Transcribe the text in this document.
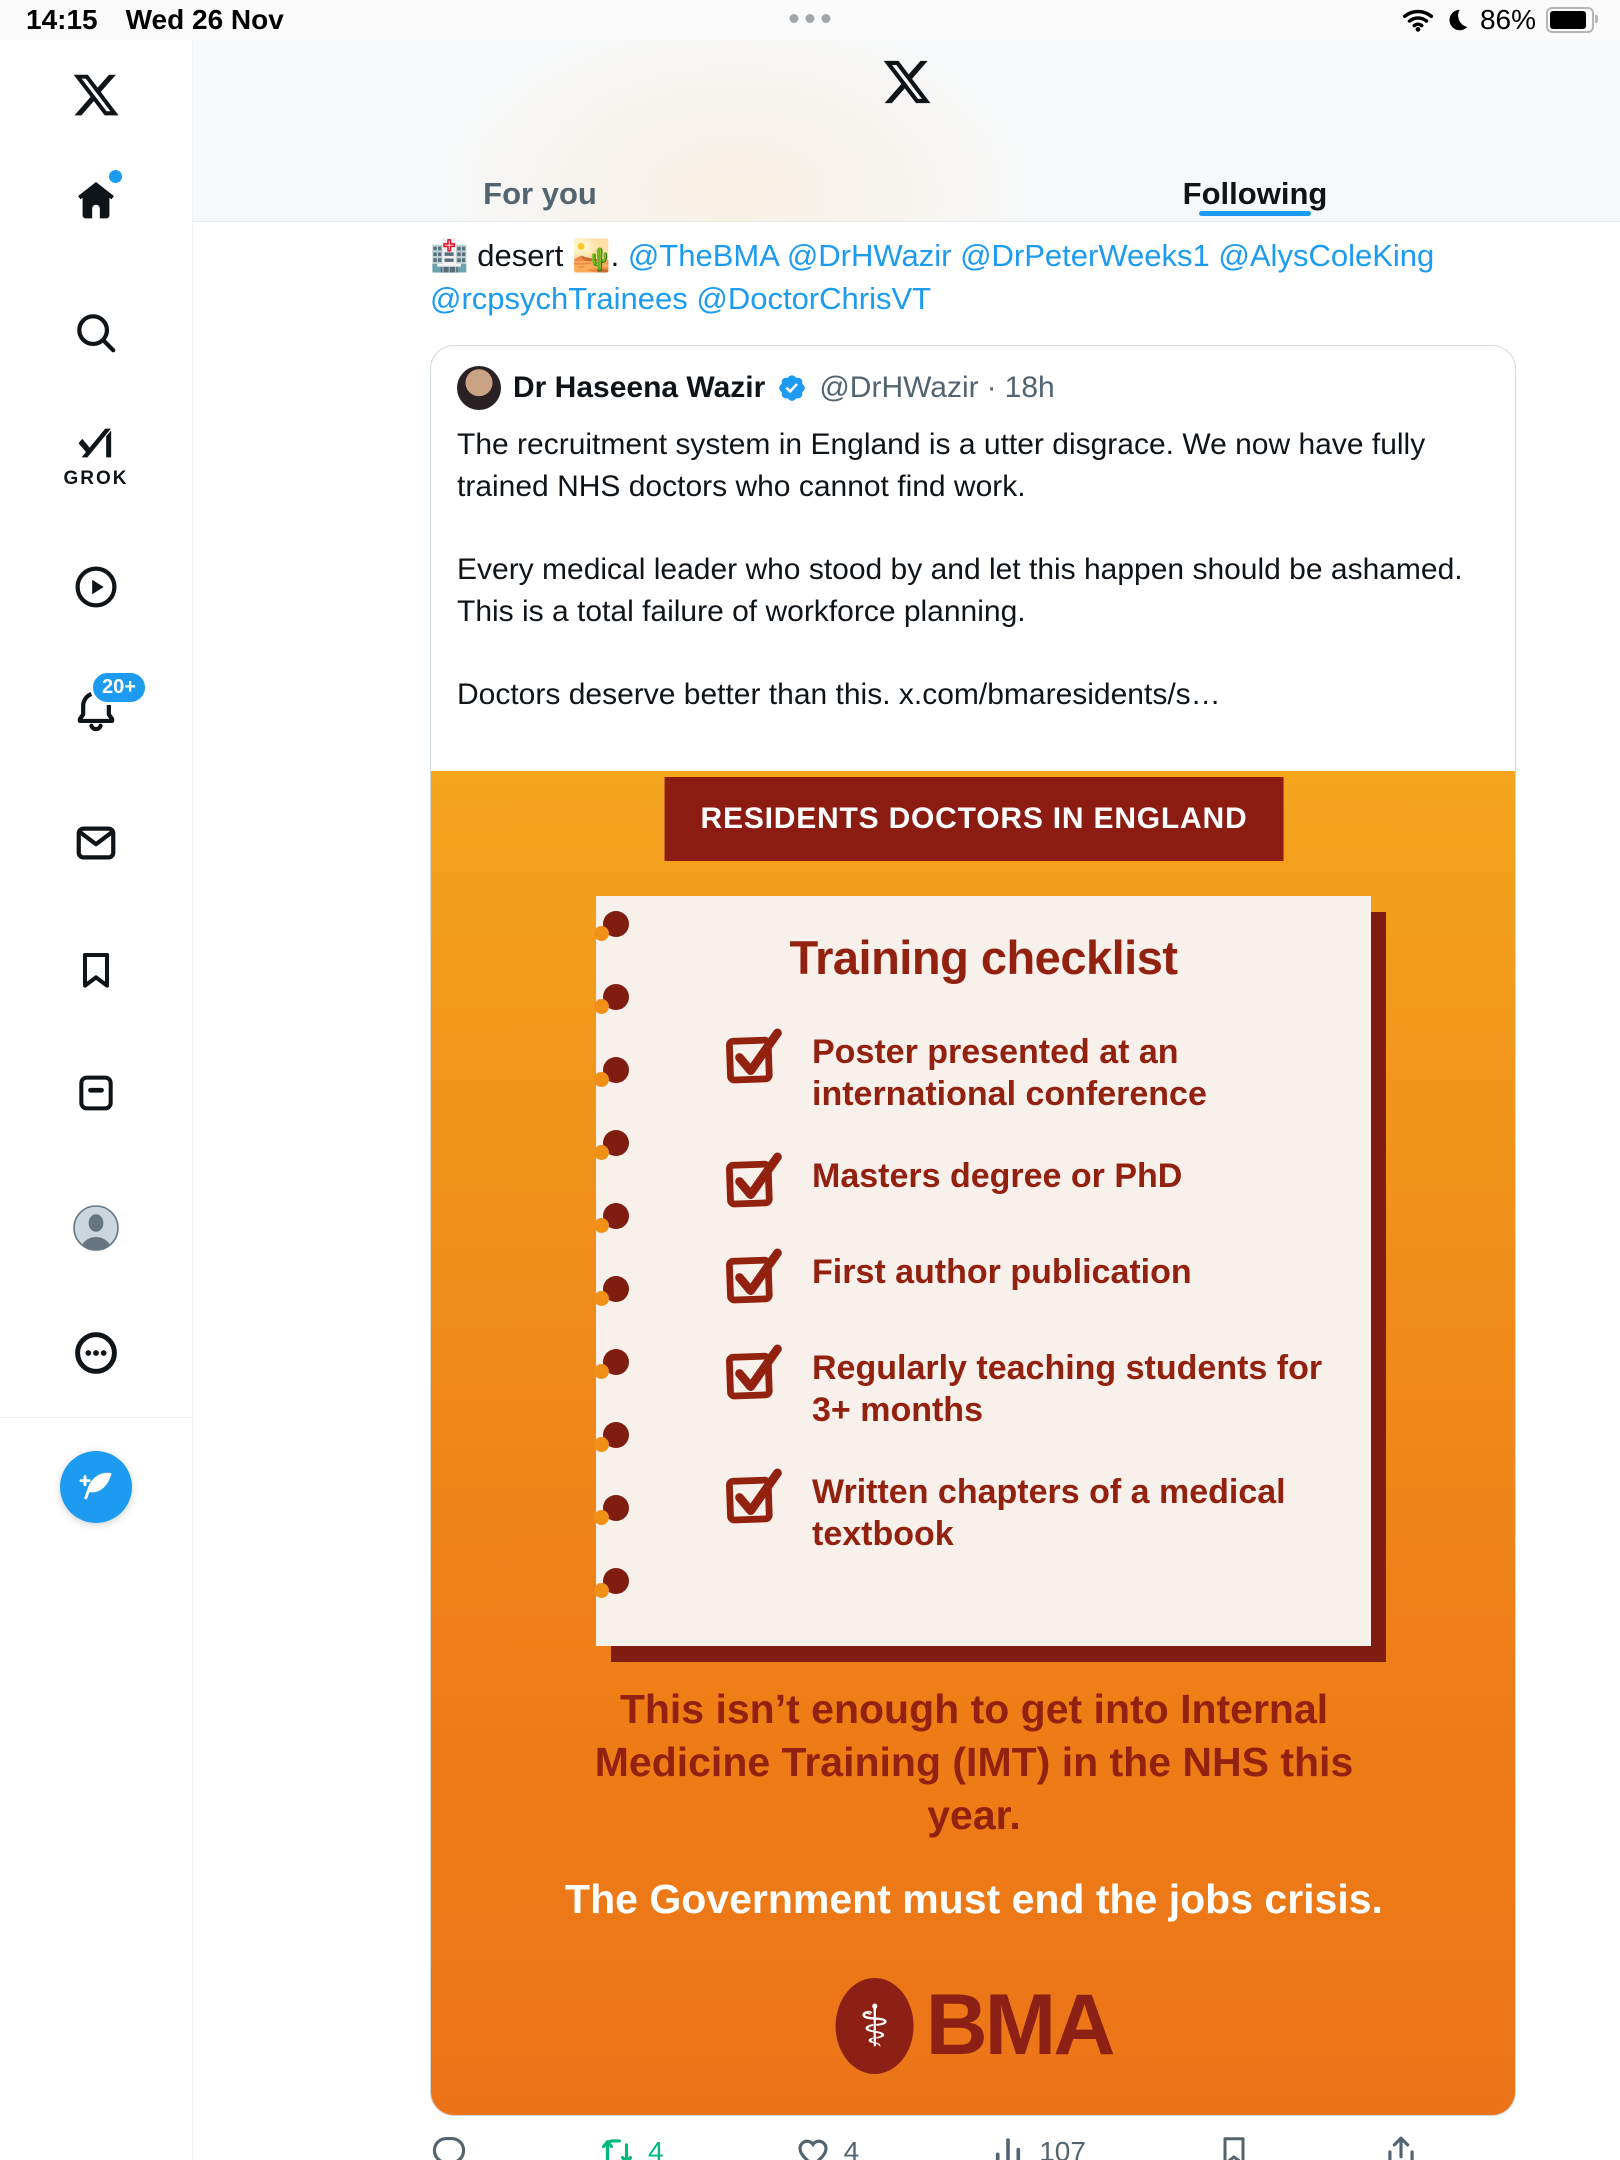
14:15 Wed 26 Nov	86%
GROK
20+
For you	Following
🏥 desert 🏜️. @TheBMA @DrHWazir @DrPeterWeeks1 @AlysColeKing
@rcpsychTrainees @DoctorChrisVT
Dr Haseena Wazir @DrHWazir · 18h

The recruitment system in England is a utter disgrace. We now have fully trained NHS doctors who cannot find work.

Every medical leader who stood by and let this happen should be ashamed. This is a total failure of workforce planning.

Doctors deserve better than this. x.com/bmaresidents/s…

RESIDENTS DOCTORS IN ENGLAND
Training checklist
Poster presented at an international conference
Masters degree or PhD
First author publication
Regularly teaching students for 3+ months
Written chapters of a medical textbook
This isn’t enough to get into Internal Medicine Training (IMT) in the NHS this year.
The Government must end the jobs crisis.
⚕ BMA
4	4	107
